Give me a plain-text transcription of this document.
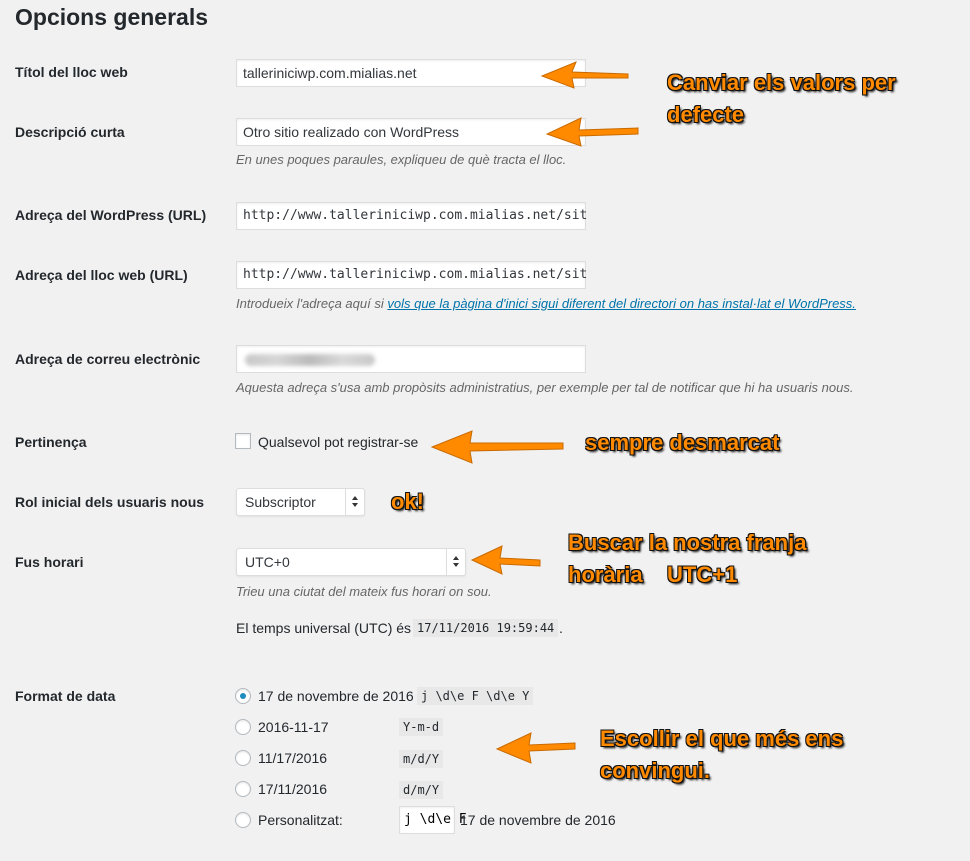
Opcions generals
Títol del lloc web	tallerinicіwp.com.mialias.net
Descripció curta	Otro sitio realizado con WordPress
En unes poques paraules, expliqueu de què tracta el lloc.
Adreça del WordPress (URL)	http://www.tallerinicіwp.com.mialias.net/sit
Adreça del lloc web (URL)	http://www.tallerinicіwp.com.mialias.net/sit
Introdueix l'adreça aquí si vols que la pàgina d'inici sigui diferent del directori on has instal·lat el WordPress.
Adreça de correu electrònic
Aquesta adreça s'usa amb propòsits administratius, per exemple per tal de notificar que hi ha usuaris nous.
Pertinença	Qualsevol pot registrar-se
Rol inicial dels usuaris nous	Subscriptor
Fus horari	UTC+0
Trieu una ciutat del mateix fus horari on sou.
El temps universal (UTC) és 17/11/2016 19:59:44 .
Format de data	17 de novembre de 2016 j \d\e F \d\e Y
2016-11-17	Y-m-d
11/17/2016	m/d/Y
17/11/2016	d/m/Y
Personalitzat:	j \d\e F
17 de novembre de 2016
Canviar els valors per
defecte
sempre desmarcat
ok!
Buscar la nostra franja
horària    UTC+1
Escollir el que més ens
convingui.
